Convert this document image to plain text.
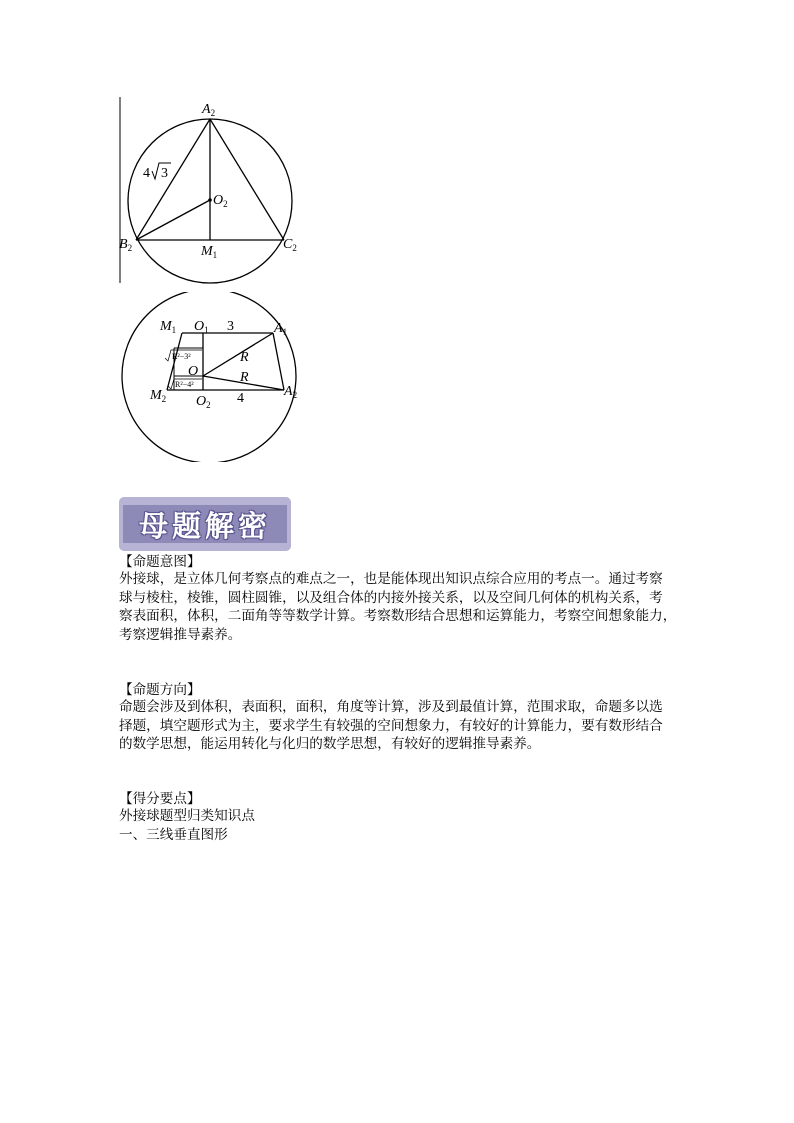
$A_2$
$B_2$	$C_2$
$O_2$
$M_1$
4 3
$M_1$ $O_1$	$A_1$
$M_2$ $O_2$
$A_2$
O
R
R
3
4
R²−3²
R²−4²
母题解密
【命题意图】
外接球，是立体几何考察点的难点之一，也是能体现出知识点综合应用的考点一。通过考察
球与棱柱，棱锥，圆柱圆锥，以及组合体的内接外接关系，以及空间几何体的机构关系，考
察表面积，体积，二面角等等数学计算。考察数形结合思想和运算能力，考察空间想象能力，
考察逻辑推导素养。
【命题方向】
命题会涉及到体积，表面积，面积，角度等计算，涉及到最值计算，范围求取，命题多以选
择题，填空题形式为主，要求学生有较强的空间想象力，有较好的计算能力，要有数形结合
的数学思想，能运用转化与化归的数学思想，有较好的逻辑推导素养。
【得分要点】
外接球题型归类知识点
一、三线垂直图形
